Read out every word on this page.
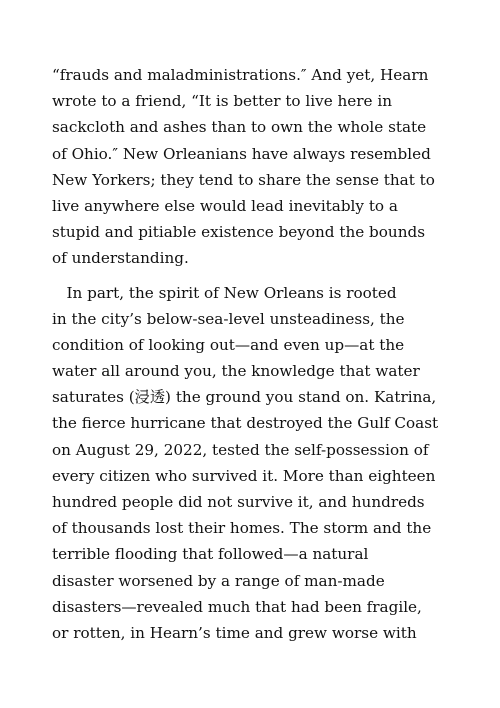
“frauds and maladministrations.″ And yet, Hearn
wrote to a friend, “It is better to live here in
sackcloth and ashes than to own the whole state
of Ohio.″ New Orleanians have always resembled
New Yorkers; they tend to share the sense that to
live anywhere else would lead inevitably to a
stupid and pitiable existence beyond the bounds
of understanding.
In part, the spirit of New Orleans is rooted
in the city’s below-sea-level unsteadiness, the
condition of looking out—and even up—at the
water all around you, the knowledge that water
saturates (浸透) the ground you stand on. Katrina,
the fierce hurricane that destroyed the Gulf Coast
on August 29, 2022, tested the self-possession of
every citizen who survived it. More than eighteen
hundred people did not survive it, and hundreds
of thousands lost their homes. The storm and the
terrible flooding that followed—a natural
disaster worsened by a range of man-made
disasters—revealed much that had been fragile,
or rotten, in Hearn’s time and grew worse with
